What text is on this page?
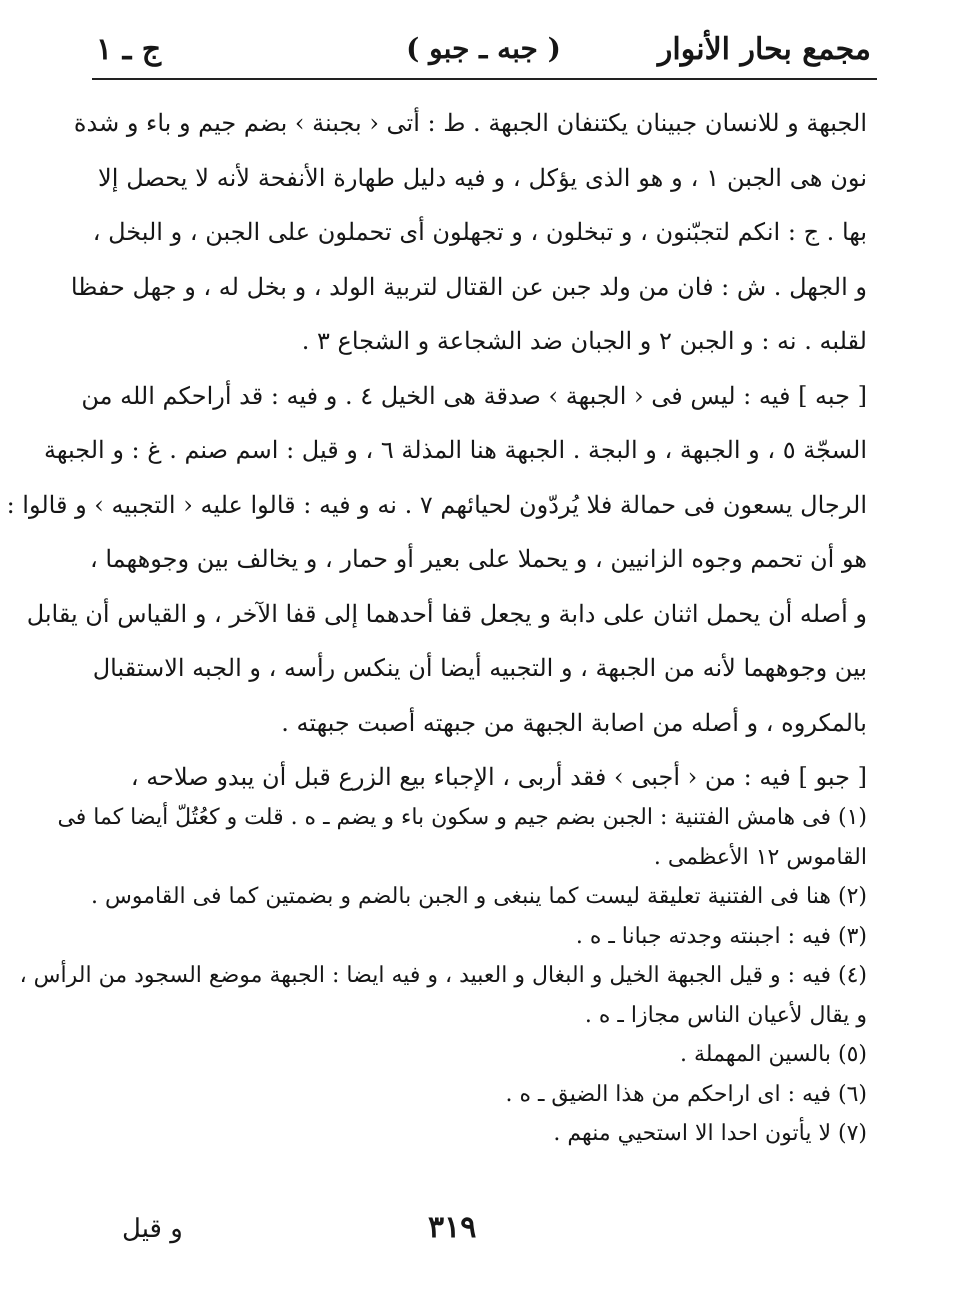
مجمع بحار الأنوار
( جبه ـ جبو )
ج ـ ١
الجبهة و للانسان جبينان يكتنفان الجبهة . ط : أتى ‹ بجبنة › بضم جيم و باء و شدة
نون هى الجبن ١ ، و هو الذى يؤكل ، و فيه دليل طهارة الأنفحة لأنه لا يحصل إلا
بها . ج : انكم لتجبّنون ، و تبخلون ، و تجهلون أى تحملون على الجبن ، و البخل ،
و الجهل . ش : فان من ولد جبن عن القتال لتربية الولد ، و بخل له ، و جهل حفظا
لقلبه . نه : و الجبن ٢ و الجبان ضد الشجاعة و الشجاع ٣ .
[ جبه ] فيه : ليس فى ‹ الجبهة › صدقة هى الخيل ٤ . و فيه : قد أراحكم الله من
السجّة ٥ ، و الجبهة ، و البجة . الجبهة هنا المذلة ٦ ، و قيل : اسم صنم . غ : و الجبهة
الرجال يسعون فى حمالة فلا يُردّون لحيائهم ٧ . نه و فيه : قالوا عليه ‹ التجبيه › و قالوا :
هو أن تحمم وجوه الزانيين ، و يحملا على بعير أو حمار ، و يخالف بين وجوههما ،
و أصله أن يحمل اثنان على دابة و يجعل قفا أحدهما إلى قفا الآخر ، و القياس أن يقابل
بين وجوههما لأنه من الجبهة ، و التجبيه أيضا أن ينكس رأسه ، و الجبه الاستقبال
بالمكروه ، و أصله من اصابة الجبهة من جبهته أصبت جبهته .
[ جبو ] فيه : من ‹ أجبى › فقد أربى ، الإجباء بيع الزرع قبل أن يبدو صلاحه ،
(١) فى هامش الفتنية : الجبن بضم جيم و سكون باء و يضم ـ ه . قلت و كعُتُلّ أيضا كما فى
القاموس ١٢ الأعظمى .
(٢) هنا فى الفتنية تعليقة ليست كما ينبغى و الجبن بالضم و بضمتين كما فى القاموس .
(٣) فيه : اجبنته وجدته جبانا ـ ه .
(٤) فيه : و قيل الجبهة الخيل و البغال و العبيد ، و فيه ايضا : الجبهة موضع السجود من الرأس ،
و يقال لأعيان الناس مجازا ـ ه .
(٥) بالسين المهملة .
(٦) فيه : اى اراحكم من هذا الضيق ـ ه .
(٧) لا يأتون احدا الا استحيي منهم .
و قيل	٣١٩
